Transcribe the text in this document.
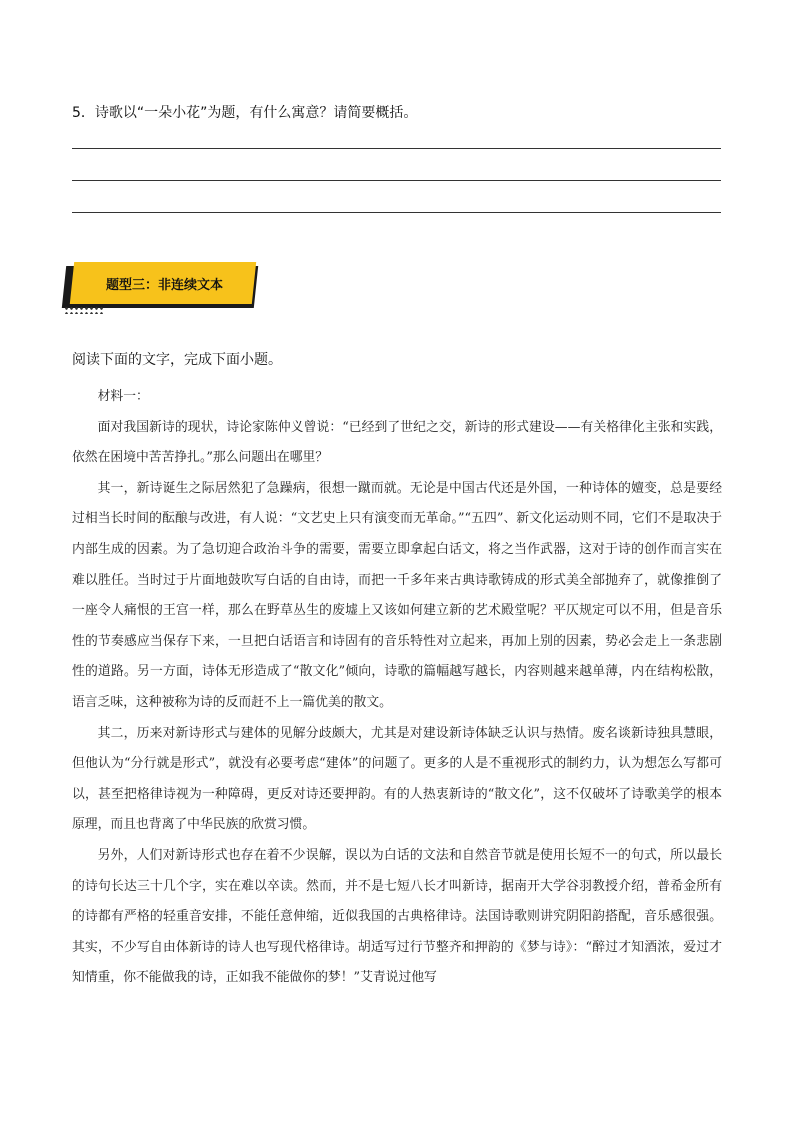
5．诗歌以“一朵小花”为题，有什么寓意？请简要概括。
题型三：非连续文本
阅读下面的文字，完成下面小题。

材料一：

面对我国新诗的现状，诗论家陈仲义曾说：“已经到了世纪之交，新诗的形式建设——有关格律化主张和实践，依然在困境中苦苦挣扎。”那么问题出在哪里？

其一，新诗诞生之际居然犯了急躁病，很想一蹴而就。无论是中国古代还是外国，一种诗体的嬗变，总是要经过相当长时间的酝酿与改进，有人说：“文艺史上只有演变而无革命。”“五四”、新文化运动则不同，它们不是取决于内部生成的因素。为了急切迎合政治斗争的需要，需要立即拿起白话文，将之当作武器，这对于诗的创作而言实在难以胜任。当时过于片面地鼓吹写白话的自由诗，而把一千多年来古典诗歌铸成的形式美全部抛弃了，就像推倒了一座令人痛恨的王宫一样，那么在野草丛生的废墟上又该如何建立新的艺术殿堂呢？平仄规定可以不用，但是音乐性的节奏感应当保存下来，一旦把白话语言和诗固有的音乐特性对立起来，再加上别的因素，势必会走上一条悲剧性的道路。另一方面，诗体无形造成了“散文化”倾向，诗歌的篇幅越写越长，内容则越来越单薄，内在结构松散，语言乏味，这种被称为诗的反而赶不上一篇优美的散文。

其二，历来对新诗形式与建体的见解分歧颇大，尤其是对建设新诗体缺乏认识与热情。废名谈新诗独具慧眼，但他认为“分行就是形式”，就没有必要考虑“建体”的问题了。更多的人是不重视形式的制约力，认为想怎么写都可以，甚至把格律诗视为一种障碍，更反对诗还要押韵。有的人热衷新诗的“散文化”，这不仅破坏了诗歌美学的根本原理，而且也背离了中华民族的欣赏习惯。

另外，人们对新诗形式也存在着不少误解，误以为白话的文法和自然音节就是使用长短不一的句式，所以最长的诗句长达三十几个字，实在难以卒读。然而，并不是七短八长才叫新诗，据南开大学谷羽教授介绍，普希金所有的诗都有严格的轻重音安排，不能任意伸缩，近似我国的古典格律诗。法国诗歌则讲究阴阳韵搭配，音乐感很强。其实，不少写自由体新诗的诗人也写现代格律诗。胡适写过行节整齐和押韵的《梦与诗》：“醉过才知酒浓，爱过才知情重，你不能做我的诗，正如我不能做你的梦！”艾青说过他写
